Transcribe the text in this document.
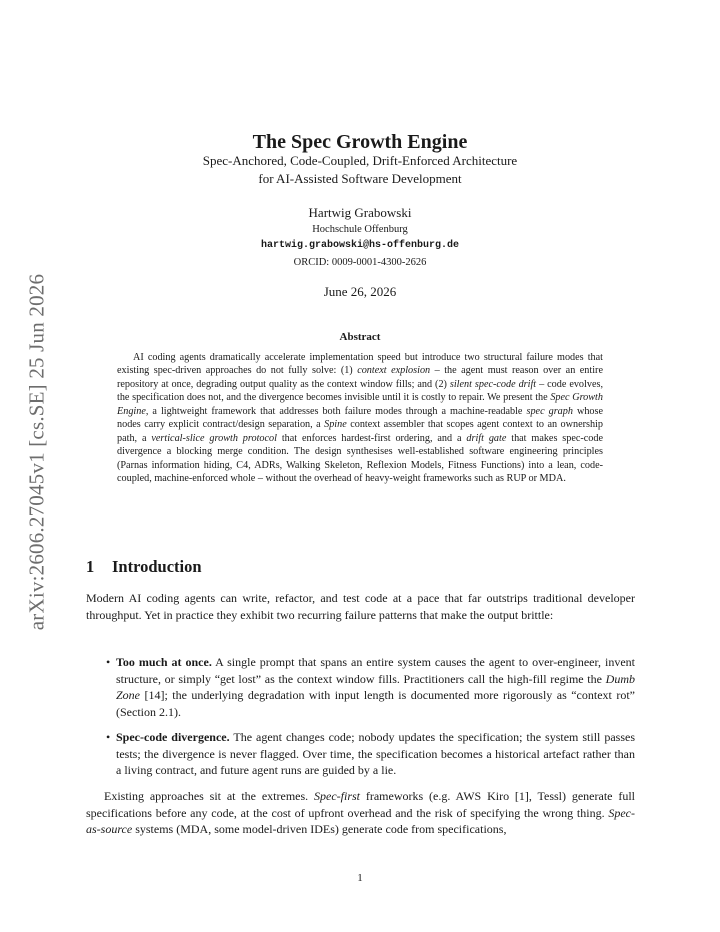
arXiv:2606.27045v1 [cs.SE] 25 Jun 2026
The Spec Growth Engine
Spec-Anchored, Code-Coupled, Drift-Enforced Architecture
for AI-Assisted Software Development
Hartwig Grabowski
Hochschule Offenburg
hartwig.grabowski@hs-offenburg.de
ORCID: 0009-0001-4300-2626
June 26, 2026
Abstract
AI coding agents dramatically accelerate implementation speed but introduce two structural failure modes that existing spec-driven approaches do not fully solve: (1) context explosion – the agent must reason over an entire repository at once, degrading output quality as the context window fills; and (2) silent spec-code drift – code evolves, the specification does not, and the divergence becomes invisible until it is costly to repair. We present the Spec Growth Engine, a lightweight framework that addresses both failure modes through a machine-readable spec graph whose nodes carry explicit contract/design separation, a Spine context assembler that scopes agent context to an ownership path, a vertical-slice growth protocol that enforces hardest-first ordering, and a drift gate that makes spec-code divergence a blocking merge condition. The design synthesises well-established software engineering principles (Parnas information hiding, C4, ADRs, Walking Skeleton, Reflexion Models, Fitness Functions) into a lean, code-coupled, machine-enforced whole – without the overhead of heavy-weight frameworks such as RUP or MDA.
1 Introduction
Modern AI coding agents can write, refactor, and test code at a pace that far outstrips traditional developer throughput. Yet in practice they exhibit two recurring failure patterns that make the output brittle:
• Too much at once. A single prompt that spans an entire system causes the agent to over-engineer, invent structure, or simply “get lost” as the context window fills. Practitioners call the high-fill regime the Dumb Zone [14]; the underlying degradation with input length is documented more rigorously as “context rot” (Section 2.1).
• Spec-code divergence. The agent changes code; nobody updates the specification; the system still passes tests; the divergence is never flagged. Over time, the specification becomes a historical artefact rather than a living contract, and future agent runs are guided by a lie.
Existing approaches sit at the extremes. Spec-first frameworks (e.g. AWS Kiro [1], Tessl) generate full specifications before any code, at the cost of upfront overhead and the risk of specifying the wrong thing. Spec-as-source systems (MDA, some model-driven IDEs) generate code from specifications,
1
